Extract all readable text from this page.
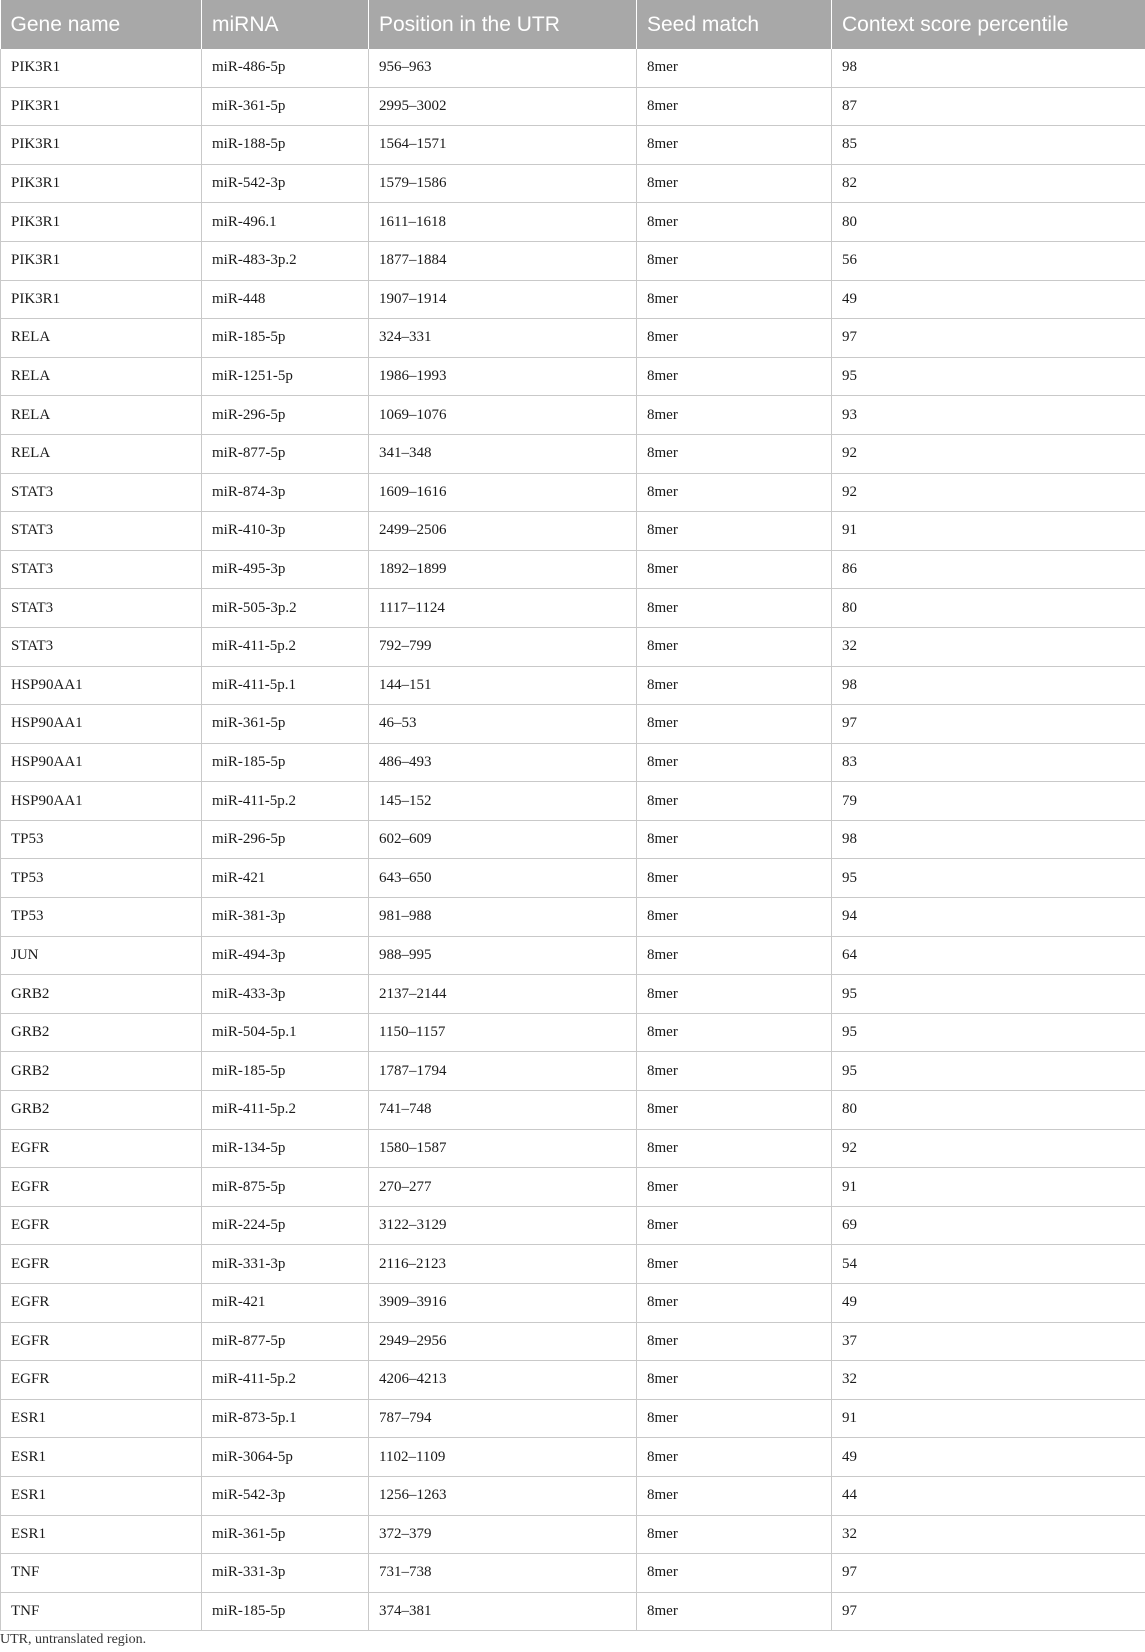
Gene name	miRNA	Position in the UTR	Seed match	Context score percentile
PIK3R1	miR-486-5p	956–963	8mer	98
PIK3R1	miR-361-5p	2995–3002	8mer	87
PIK3R1	miR-188-5p	1564–1571	8mer	85
PIK3R1	miR-542-3p	1579–1586	8mer	82
PIK3R1	miR-496.1	1611–1618	8mer	80
PIK3R1	miR-483-3p.2	1877–1884	8mer	56
PIK3R1	miR-448	1907–1914	8mer	49
RELA	miR-185-5p	324–331	8mer	97
RELA	miR-1251-5p	1986–1993	8mer	95
RELA	miR-296-5p	1069–1076	8mer	93
RELA	miR-877-5p	341–348	8mer	92
STAT3	miR-874-3p	1609–1616	8mer	92
STAT3	miR-410-3p	2499–2506	8mer	91
STAT3	miR-495-3p	1892–1899	8mer	86
STAT3	miR-505-3p.2	1117–1124	8mer	80
STAT3	miR-411-5p.2	792–799	8mer	32
HSP90AA1	miR-411-5p.1	144–151	8mer	98
HSP90AA1	miR-361-5p	46–53	8mer	97
HSP90AA1	miR-185-5p	486–493	8mer	83
HSP90AA1	miR-411-5p.2	145–152	8mer	79
TP53	miR-296-5p	602–609	8mer	98
TP53	miR-421	643–650	8mer	95
TP53	miR-381-3p	981–988	8mer	94
JUN	miR-494-3p	988–995	8mer	64
GRB2	miR-433-3p	2137–2144	8mer	95
GRB2	miR-504-5p.1	1150–1157	8mer	95
GRB2	miR-185-5p	1787–1794	8mer	95
GRB2	miR-411-5p.2	741–748	8mer	80
EGFR	miR-134-5p	1580–1587	8mer	92
EGFR	miR-875-5p	270–277	8mer	91
EGFR	miR-224-5p	3122–3129	8mer	69
EGFR	miR-331-3p	2116–2123	8mer	54
EGFR	miR-421	3909–3916	8mer	49
EGFR	miR-877-5p	2949–2956	8mer	37
EGFR	miR-411-5p.2	4206–4213	8mer	32
ESR1	miR-873-5p.1	787–794	8mer	91
ESR1	miR-3064-5p	1102–1109	8mer	49
ESR1	miR-542-3p	1256–1263	8mer	44
ESR1	miR-361-5p	372–379	8mer	32
TNF	miR-331-3p	731–738	8mer	97
TNF	miR-185-5p	374–381	8mer	97
UTR, untranslated region.
